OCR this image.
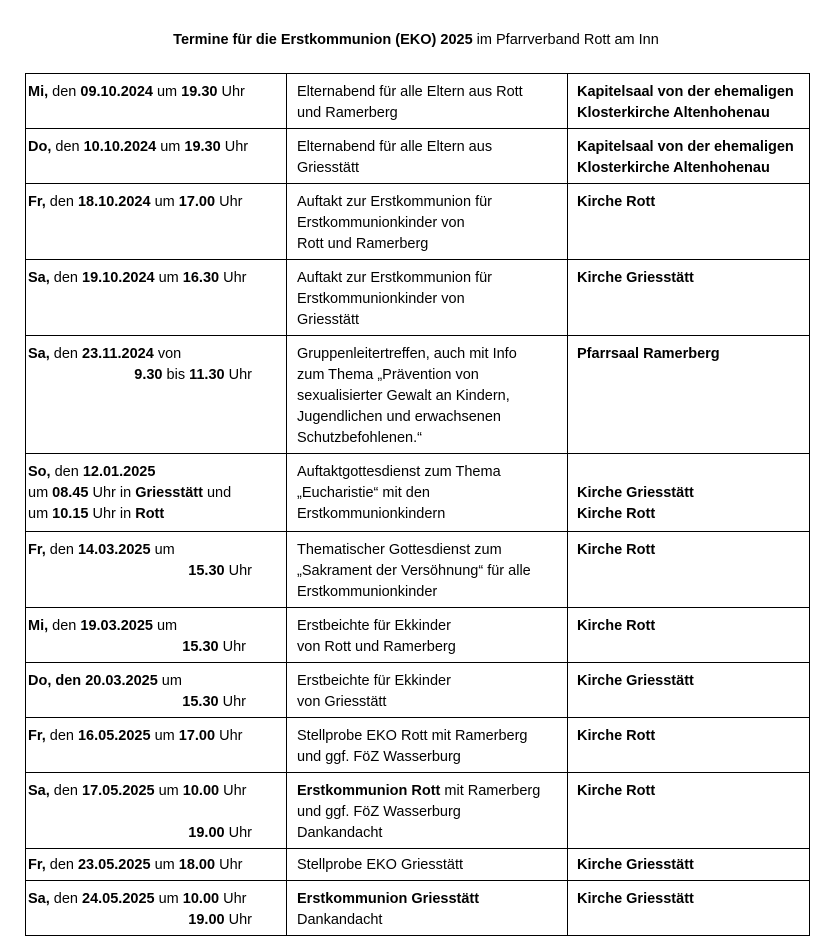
Termine für die Erstkommunion (EKO) 2025 im Pfarrverband Rott am Inn
Mi, den 09.10.2024 um 19.30 Uhr	Elternabend für alle Eltern aus Rott
und Ramerberg	Kapitelsaal von der ehemaligen
Klosterkirche Altenhohenau

Do, den 10.10.2024 um 19.30 Uhr	Elternabend für alle Eltern aus
Griesstätt	Kapitelsaal von der ehemaligen
Klosterkirche Altenhohenau

Fr, den 18.10.2024 um 17.00 Uhr	Auftakt zur Erstkommunion für
Erstkommunionkinder von
Rott und Ramerberg	Kirche Rott

Sa, den 19.10.2024 um 16.30 Uhr	Auftakt zur Erstkommunion für
Erstkommunionkinder von
Griesstätt	Kirche Griesstätt

Sa, den 23.11.2024 von
9.30 bis 11.30 Uhr	Gruppenleitertreffen, auch mit Info
zum Thema „Prävention von
sexualisierter Gewalt an Kindern,
Jugendlichen und erwachsenen
Schutzbefohlenen.“	Pfarrsaal Ramerberg

So, den 12.01.2025
um 08.45 Uhr in Griesstätt und
um 10.15 Uhr in Rott	Auftaktgottesdienst zum Thema
„Eucharistie“ mit den
Erstkommunionkindern	Kirche Griesstätt
Kirche Rott

Fr, den 14.03.2025 um
15.30 Uhr	Thematischer Gottesdienst zum
„Sakrament der Versöhnung“ für alle
Erstkommunionkinder	Kirche Rott

Mi, den 19.03.2025 um
15.30 Uhr	Erstbeichte für Ekkinder
von Rott und Ramerberg	Kirche Rott

Do, den 20.03.2025 um
15.30 Uhr	Erstbeichte für Ekkinder
von Griesstätt	Kirche Griesstätt

Fr, den 16.05.2025 um 17.00 Uhr	Stellprobe EKO Rott mit Ramerberg
und ggf. FöZ Wasserburg	Kirche Rott

Sa, den 17.05.2025 um 10.00 Uhr
19.00 Uhr	Erstkommunion Rott mit Ramerberg
und ggf. FöZ Wasserburg
Dankandacht	Kirche Rott

Fr, den 23.05.2025 um 18.00 Uhr	Stellprobe EKO Griesstätt	Kirche Griesstätt

Sa, den 24.05.2025 um 10.00 Uhr
19.00 Uhr	Erstkommunion Griesstätt
Dankandacht	Kirche Griesstätt
